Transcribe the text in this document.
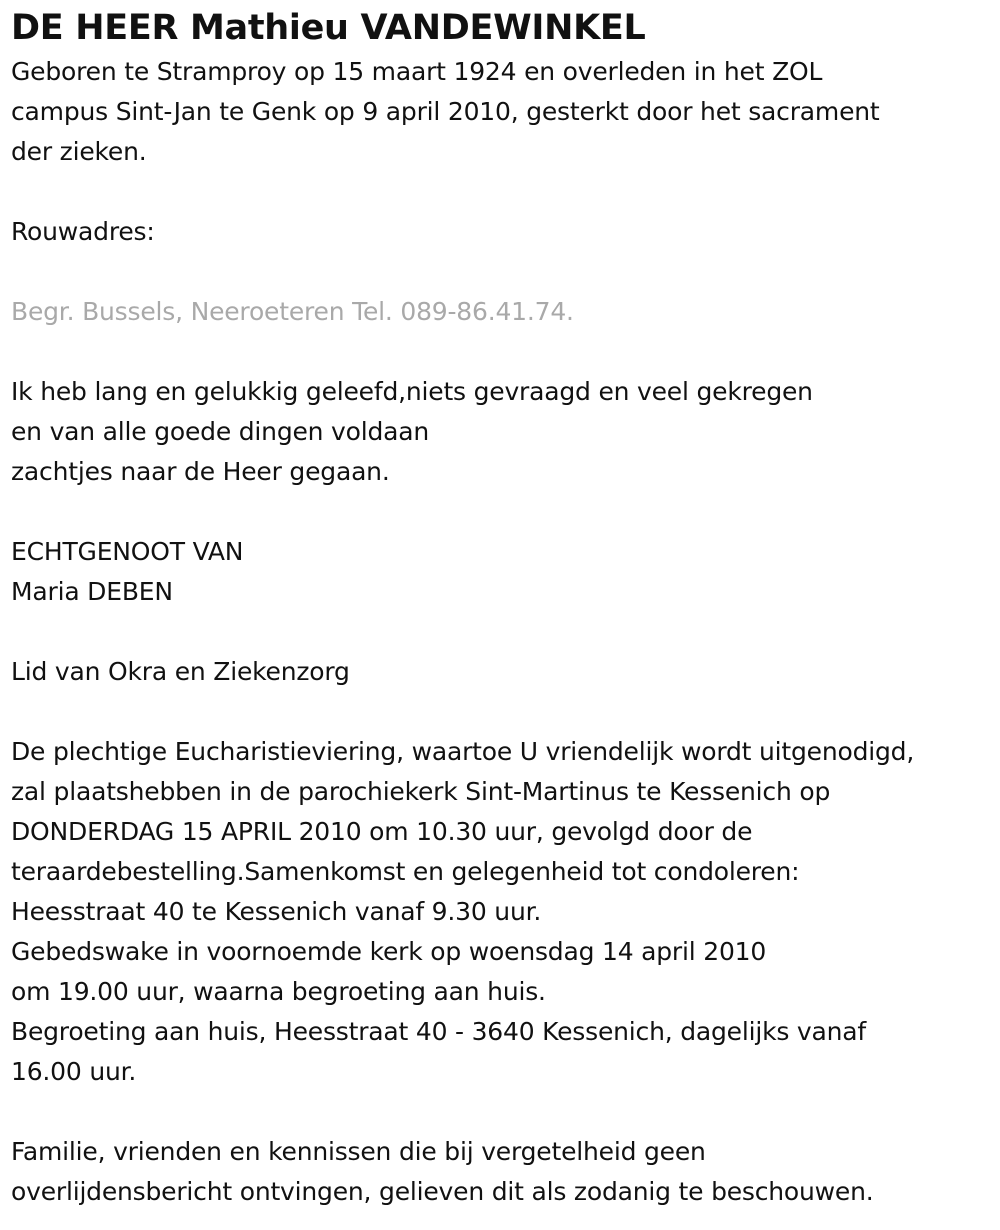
DE HEER Mathieu VANDEWINKEL
Geboren te Stramproy op 15 maart 1924 en overleden in het ZOL
campus Sint-Jan te Genk op 9 april 2010, gesterkt door het sacrament
der zieken.
Rouwadres:
Begr. Bussels, Neeroeteren Tel. 089-86.41.74.
Ik heb lang en gelukkig geleefd,niets gevraagd en veel gekregen
en van alle goede dingen voldaan
zachtjes naar de Heer gegaan.
ECHTGENOOT VAN
Maria DEBEN
Lid van Okra en Ziekenzorg
De plechtige Eucharistieviering, waartoe U vriendelijk wordt uitgenodigd,
zal plaatshebben in de parochiekerk Sint-Martinus te Kessenich op
DONDERDAG 15 APRIL 2010 om 10.30 uur, gevolgd door de
teraardebestelling.Samenkomst en gelegenheid tot condoleren:
Heesstraat 40 te Kessenich vanaf 9.30 uur.
Gebedswake in voornoemde kerk op woensdag 14 april 2010
om 19.00 uur, waarna begroeting aan huis.
Begroeting aan huis, Heesstraat 40 - 3640 Kessenich, dagelijks vanaf
16.00 uur.
Familie, vrienden en kennissen die bij vergetelheid geen
overlijdensbericht ontvingen, gelieven dit als zodanig te beschouwen.
